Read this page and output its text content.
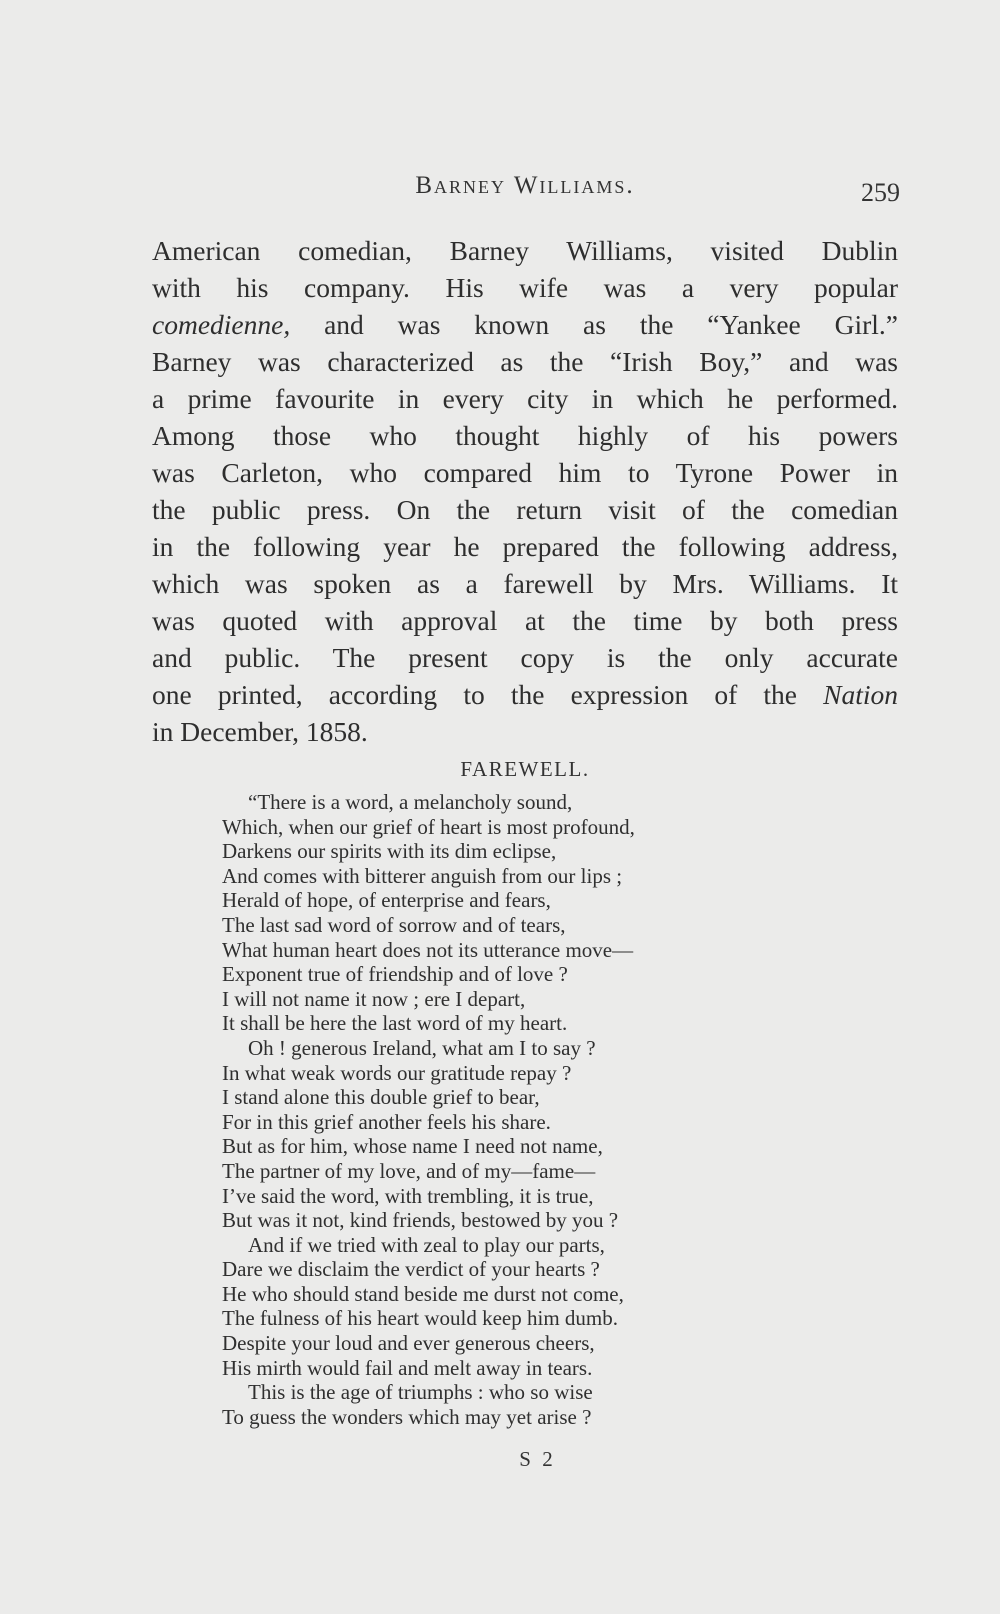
Barney Williams.	259
American comedian, Barney Williams, visited Dublin
with his company. His wife was a very popular
comedienne, and was known as the “Yankee Girl.”
Barney was characterized as the “Irish Boy,” and was
a prime favourite in every city in which he performed.
Among those who thought highly of his powers
was Carleton, who compared him to Tyrone Power in
the public press. On the return visit of the comedian
in the following year he prepared the following address,
which was spoken as a farewell by Mrs. Williams. It
was quoted with approval at the time by both press
and public. The present copy is the only accurate
one printed, according to the expression of the Nation
in December, 1858.
FAREWELL.
“There is a word, a melancholy sound,
Which, when our grief of heart is most profound,
Darkens our spirits with its dim eclipse,
And comes with bitterer anguish from our lips ;
Herald of hope, of enterprise and fears,
The last sad word of sorrow and of tears,
What human heart does not its utterance move—
Exponent true of friendship and of love ?
I will not name it now ; ere I depart,
It shall be here the last word of my heart.
Oh ! generous Ireland, what am I to say ?
In what weak words our gratitude repay ?
I stand alone this double grief to bear,
For in this grief another feels his share.
But as for him, whose name I need not name,
The partner of my love, and of my—fame—
I’ve said the word, with trembling, it is true,
But was it not, kind friends, bestowed by you ?
And if we tried with zeal to play our parts,
Dare we disclaim the verdict of your hearts ?
He who should stand beside me durst not come,
The fulness of his heart would keep him dumb.
Despite your loud and ever generous cheers,
His mirth would fail and melt away in tears.
This is the age of triumphs : who so wise
To guess the wonders which may yet arise ?
S 2
